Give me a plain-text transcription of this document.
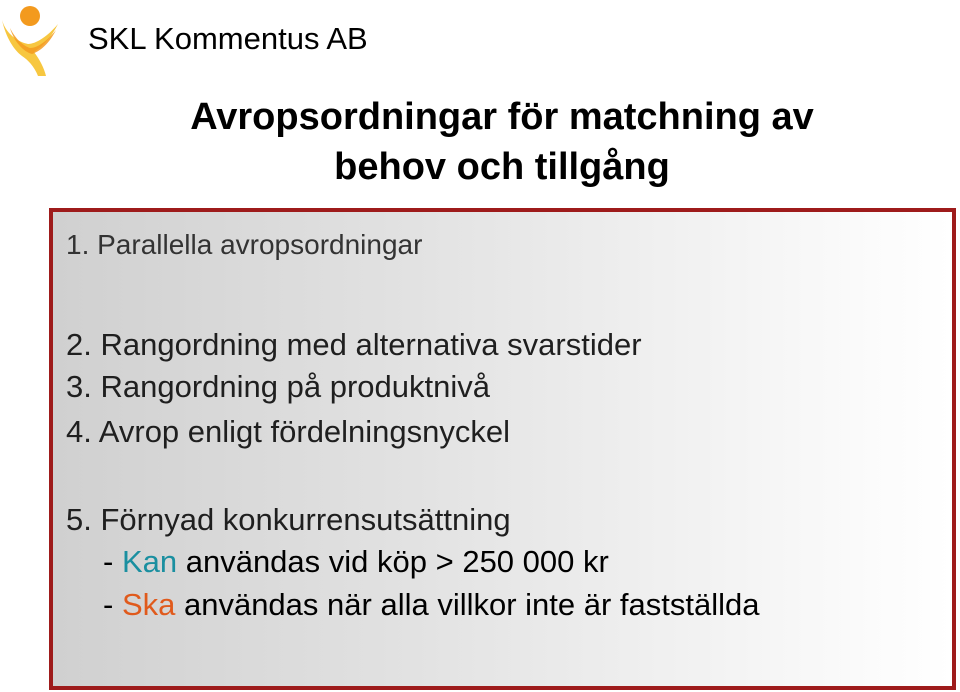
SKL Kommentus AB
Avropsordningar för matchning av
behov och tillgång
1. Parallella avropsordningar
2. Rangordning med alternativa svarstider
3. Rangordning på produktnivå
4. Avrop enligt fördelningsnyckel
5. Förnyad konkurrensutsättning
- Kan användas vid köp > 250 000 kr
- Ska användas när alla villkor inte är fastställda
